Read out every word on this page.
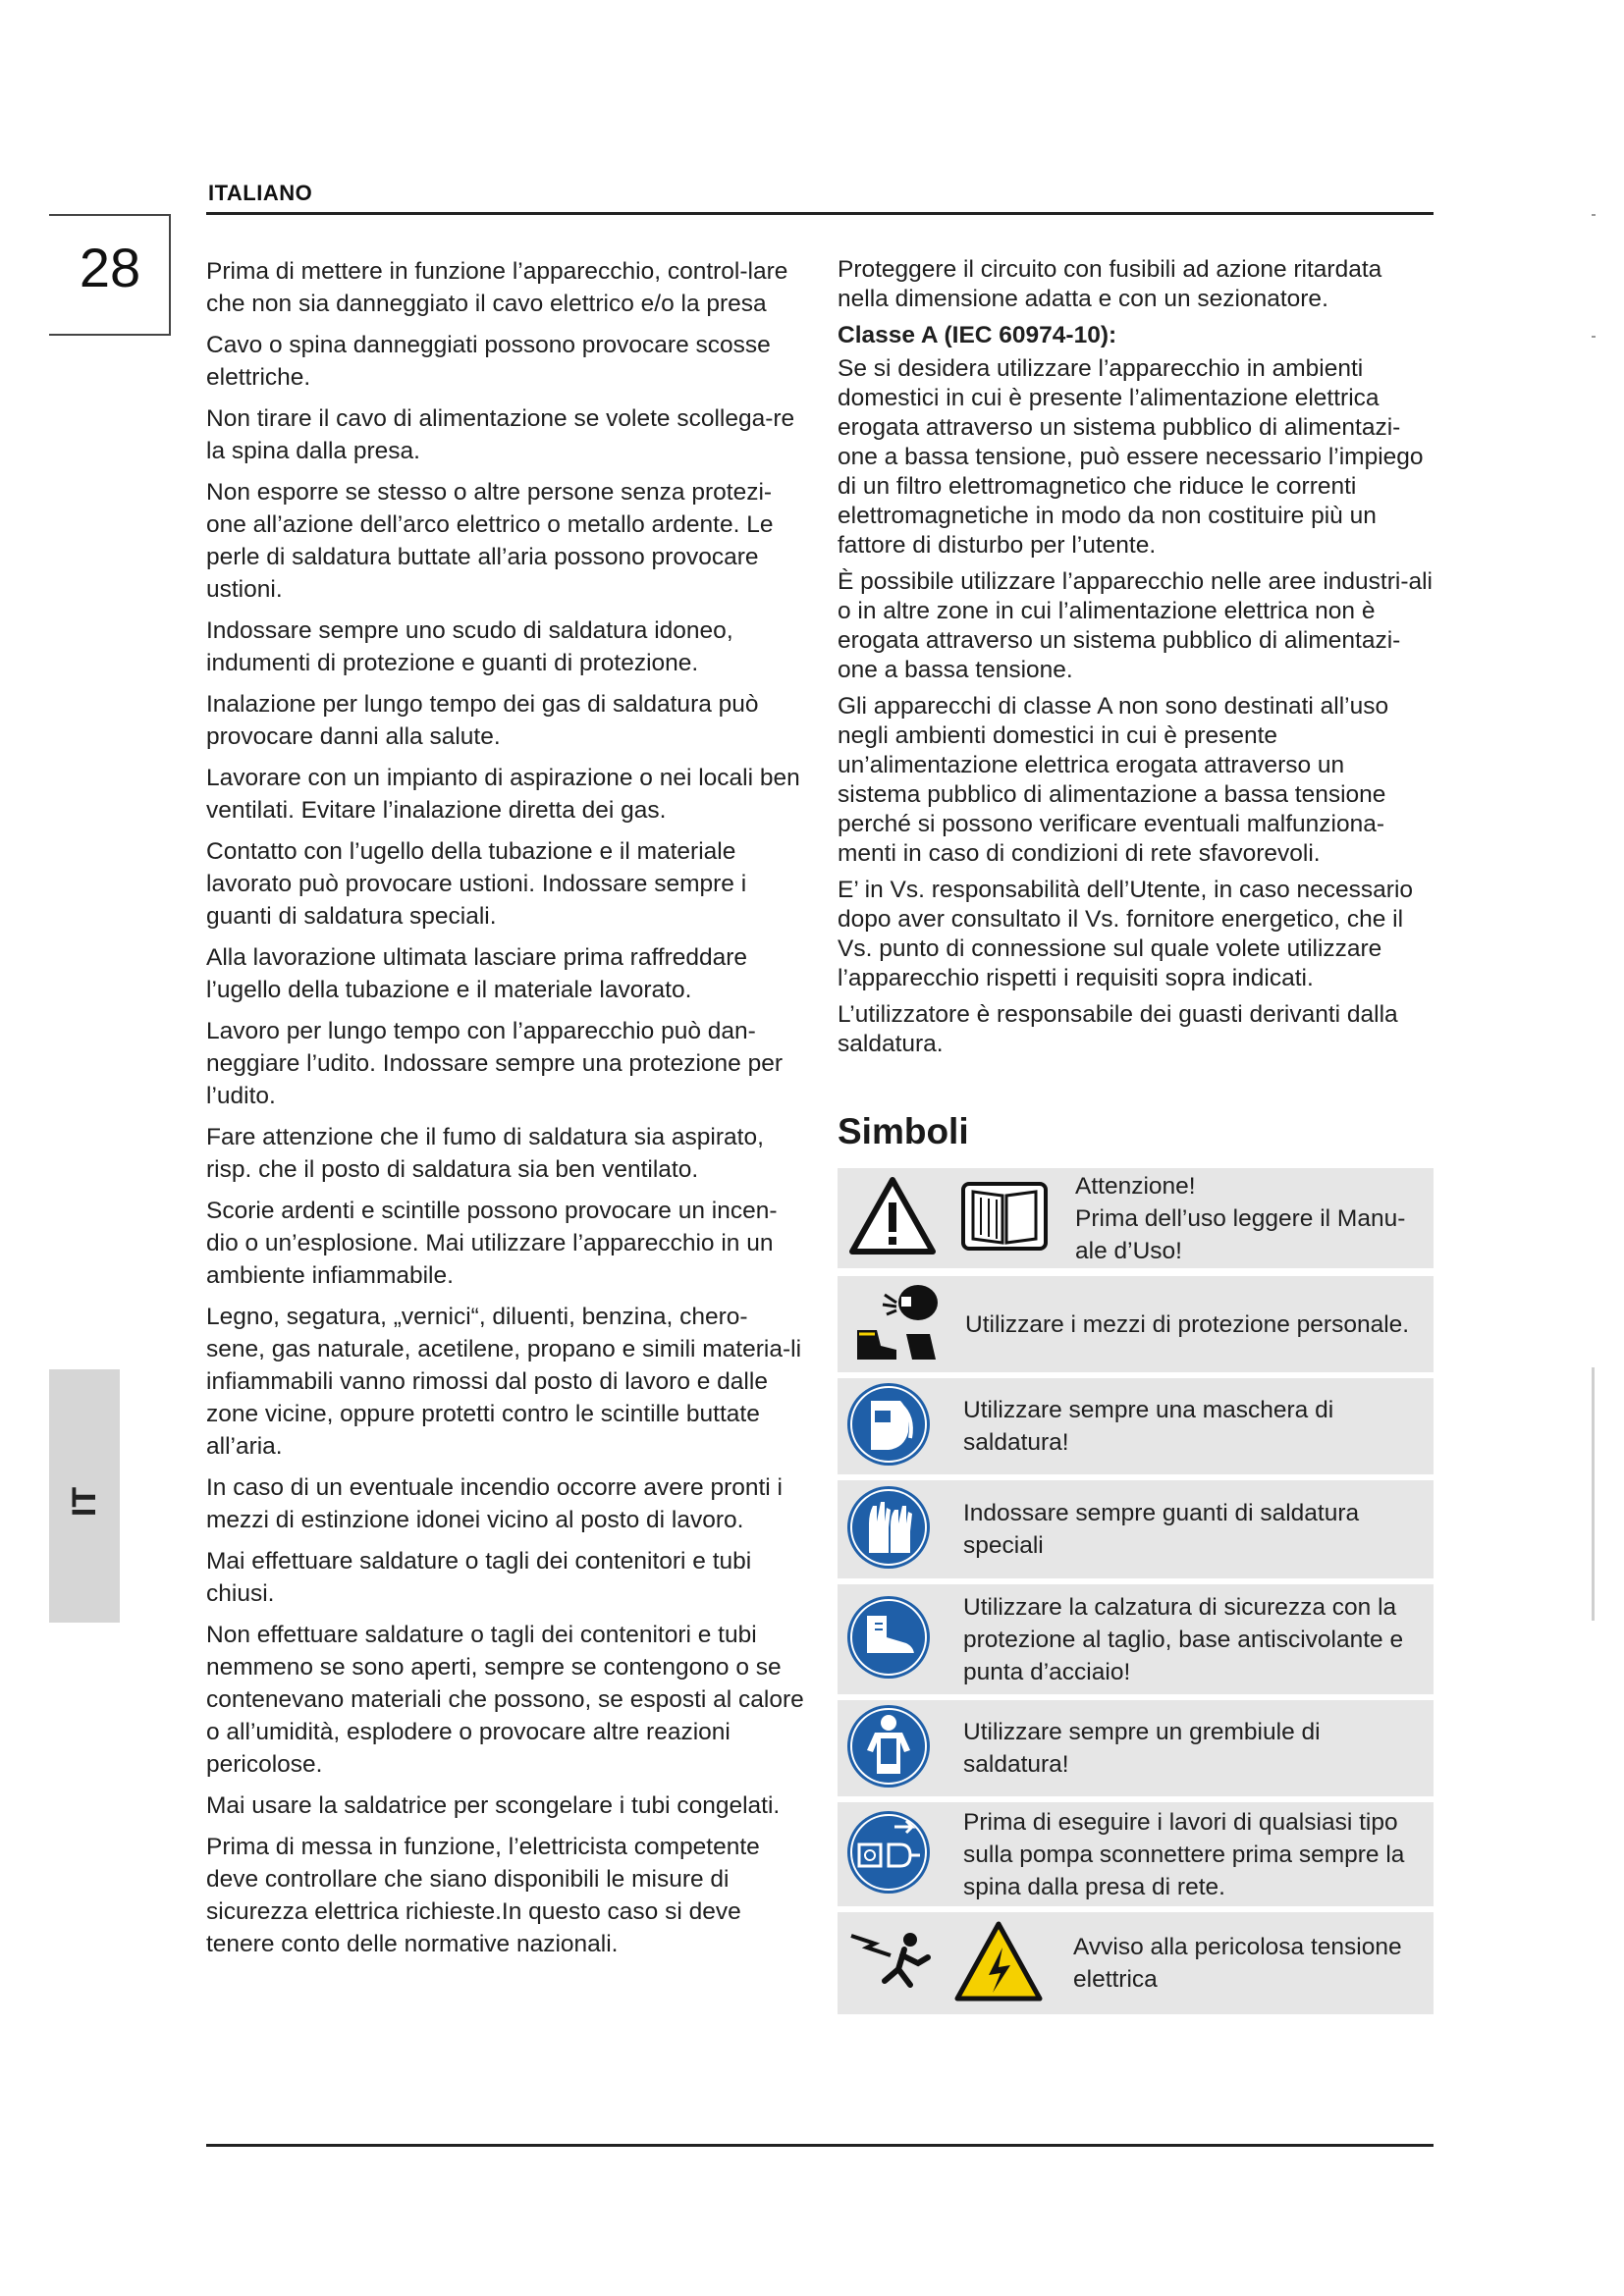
ITALIANO
28
IT

Prima di mettere in funzione l’apparecchio, control-lare che non sia danneggiato il cavo elettrico e/o la presa

Cavo o spina danneggiati possono provocare scosse elettriche.

Non tirare il cavo di alimentazione se volete scollega-re la spina dalla presa.

Non esporre se stesso o altre persone senza protezi-one all’azione dell’arco elettrico o metallo ardente. Le perle di saldatura buttate all’aria possono provocare ustioni.

Indossare sempre uno scudo di saldatura idoneo, indumenti di protezione e guanti di protezione.

Inalazione per lungo tempo dei gas di saldatura può provocare danni alla salute.

Lavorare con un impianto di aspirazione o nei locali ben ventilati. Evitare l’inalazione diretta dei gas.

Contatto con l’ugello della tubazione e il materiale lavorato può provocare ustioni. Indossare sempre i guanti di saldatura speciali.

Alla lavorazione ultimata lasciare prima raffreddare l’ugello della tubazione e il materiale lavorato.

Lavoro per lungo tempo con l’apparecchio può dan-neggiare l’udito. Indossare sempre una protezione per l’udito.

Fare attenzione che il fumo di saldatura sia aspirato, risp. che il posto di saldatura sia ben ventilato.

Scorie ardenti e scintille possono provocare un incen-dio o un’esplosione. Mai utilizzare l’apparecchio in un ambiente infiammabile.

Legno, segatura, „vernici“, diluenti, benzina, chero-sene, gas naturale, acetilene, propano e simili materia-li infiammabili vanno rimossi dal posto di lavoro e dalle zone vicine, oppure protetti contro le scintille buttate all’aria.

In caso di un eventuale incendio occorre avere pronti i mezzi di estinzione idonei vicino al posto di lavoro.

Mai effettuare saldature o tagli dei contenitori e tubi chiusi.

Non effettuare saldature o tagli dei contenitori e tubi nemmeno se sono aperti, sempre se contengono o se contenevano materiali che possono, se esposti al calore o all’umidità, esplodere o provocare altre reazioni pericolose.

Mai usare la saldatrice per scongelare i tubi congelati.

Prima di messa in funzione, l’elettricista competente deve controllare che siano disponibili le misure di sicurezza elettrica richieste.In questo caso si deve tenere conto delle normative nazionali.

Proteggere il circuito con fusibili ad azione ritardata nella dimensione adatta e con un sezionatore.

Classe A (IEC 60974-10):

Se si desidera utilizzare l’apparecchio in ambienti domestici in cui è presente l’alimentazione elettrica erogata attraverso un sistema pubblico di alimentazi-one a bassa tensione, può essere necessario l’impiego di un filtro elettromagnetico che riduce le correnti elettromagnetiche in modo da non costituire più un fattore di disturbo per l’utente.

È possibile utilizzare l’apparecchio nelle aree industri-ali o in altre zone in cui l’alimentazione elettrica non è erogata attraverso un sistema pubblico di alimentazi-one a bassa tensione.

Gli apparecchi di classe A non sono destinati all’uso negli ambienti domestici in cui è presente un’alimentazione elettrica erogata attraverso un sistema pubblico di alimentazione a bassa tensione perché si possono verificare eventuali malfunziona-menti in caso di condizioni di rete sfavorevoli.

E’ in Vs. responsabilità dell’Utente, in caso necessario dopo aver consultato il Vs. fornitore energetico, che il Vs. punto di connessione sul quale volete utilizzare l’apparecchio rispetti i requisiti sopra indicati.

L’utilizzatore è responsabile dei guasti derivanti dalla saldatura.

Simboli
Attenzione!
Prima dell’uso leggere il Manu-ale d’Uso!
Utilizzare i mezzi di protezione personale.
Utilizzare sempre una maschera di saldatura!
Indossare sempre guanti di saldatura speciali
Utilizzare la calzatura di sicurezza con la protezione al taglio, base antiscivolante e punta d’acciaio!
Utilizzare sempre un grembiule di saldatura!
Prima di eseguire i lavori di qualsiasi tipo sulla pompa sconnettere prima sempre la spina dalla presa di rete.
Avviso alla pericolosa tensione elettrica
